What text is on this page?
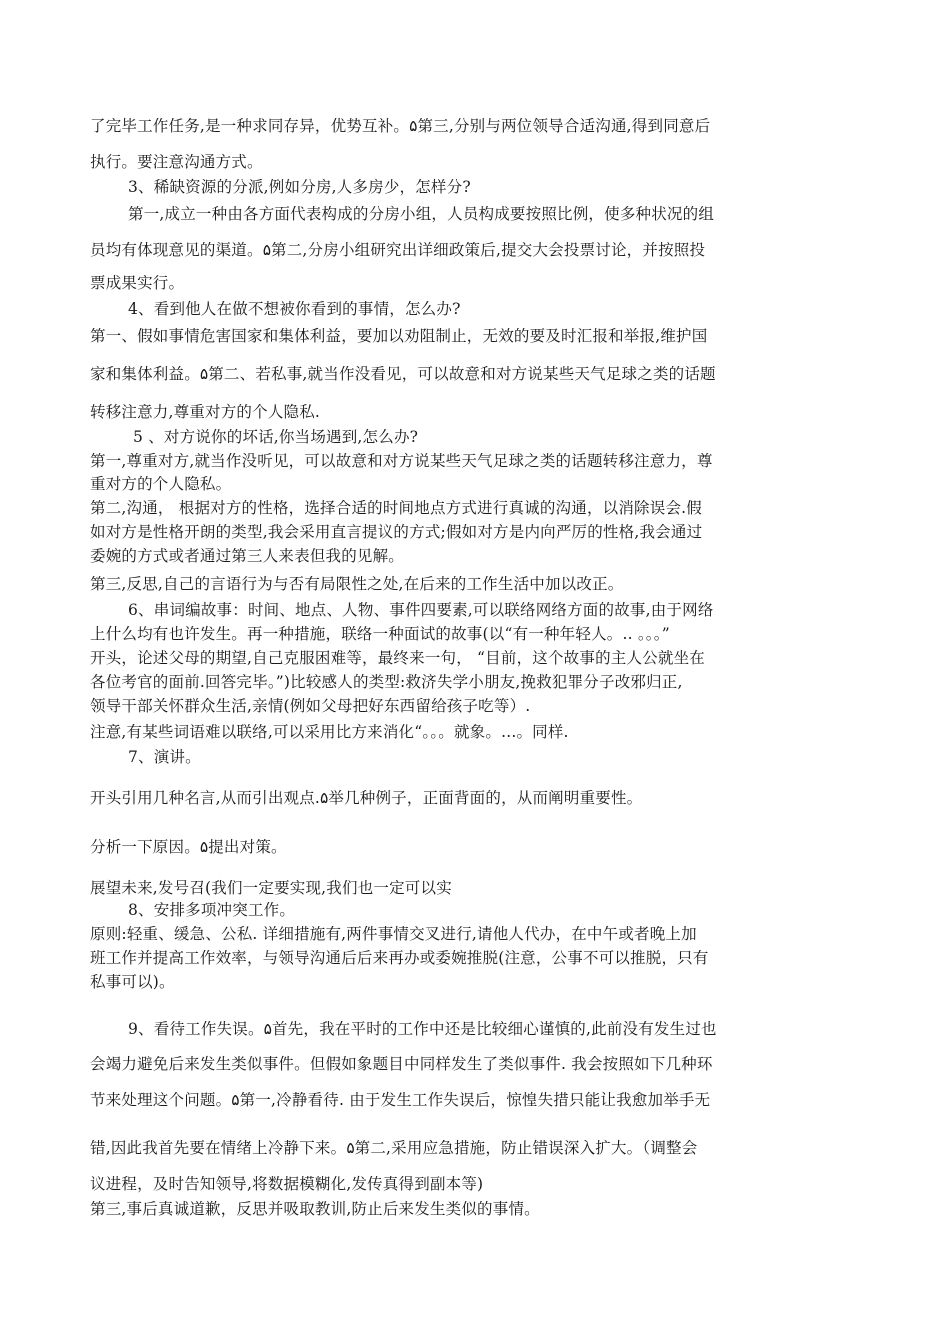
了完毕工作任务,是一种求同存异，优势互补。۵第三,分别与两位领导合适沟通,得到同意后

执行。要注意沟通方式。

3、稀缺资源的分派,例如分房,人多房少，怎样分?

第一,成立一种由各方面代表构成的分房小组，人员构成要按照比例，使多种状况的组

员均有体现意见的渠道。۵第二,分房小组研究出详细政策后,提交大会投票讨论，并按照投

票成果实行。

4、看到他人在做不想被你看到的事情，怎么办?

第一、假如事情危害国家和集体利益，要加以劝阻制止，无效的要及时汇报和举报,维护国

家和集体利益。۵第二、若私事,就当作没看见，可以故意和对方说某些天气足球之类的话题

转移注意力,尊重对方的个人隐私.

5 、对方说你的坏话,你当场遇到,怎么办?

第一,尊重对方,就当作没听见，可以故意和对方说某些天气足球之类的话题转移注意力，尊

重对方的个人隐私。

第二,沟通， 根据对方的性格，选择合适的时间地点方式进行真诚的沟通，以消除误会.假

如对方是性格开朗的类型,我会采用直言提议的方式;假如对方是内向严厉的性格,我会通过

委婉的方式或者通过第三人来表但我的见解。

第三,反思,自己的言语行为与否有局限性之处,在后来的工作生活中加以改正。

6、串词编故事：时间、地点、人物、事件四要素,可以联络网络方面的故事,由于网络

上什么均有也许发生。再一种措施，联络一种面试的故事(以“有一种年轻人。.. 。。。”

开头，论述父母的期望,自己克服困难等，最终来一句， “目前，这个故事的主人公就坐在

各位考官的面前.回答完毕。”)比较感人的类型:救济失学小朋友,挽救犯罪分子改邪归正,

领导干部关怀群众生活,亲情(例如父母把好东西留给孩子吃等）.

注意,有某些词语难以联络,可以采用比方来消化“。。。就象。...。同样.

7、演讲。

开头引用几种名言,从而引出观点.۵举几种例子，正面背面的，从而阐明重要性。

分析一下原因。۵提出对策。

展望未来,发号召(我们一定要实现,我们也一定可以实

8、安排多项冲突工作。

原则:轻重、缓急、公私. 详细措施有,两件事情交叉进行,请他人代办，在中午或者晚上加

班工作并提高工作效率，与领导沟通后后来再办或委婉推脱(注意，公事不可以推脱，只有

私事可以)。

9、看待工作失误。۵首先，我在平时的工作中还是比较细心谨慎的,此前没有发生过也

会竭力避免后来发生类似事件。但假如象题目中同样发生了类似事件. 我会按照如下几种环

节来处理这个问题。۵第一,冷静看待. 由于发生工作失误后，惊惶失措只能让我愈加举手无

错,因此我首先要在情绪上冷静下来。۵第二,采用应急措施，防止错误深入扩大。（调整会

议进程，及时告知领导,将数据模糊化,发传真得到副本等)

第三,事后真诚道歉，反思并吸取教训,防止后来发生类似的事情。
